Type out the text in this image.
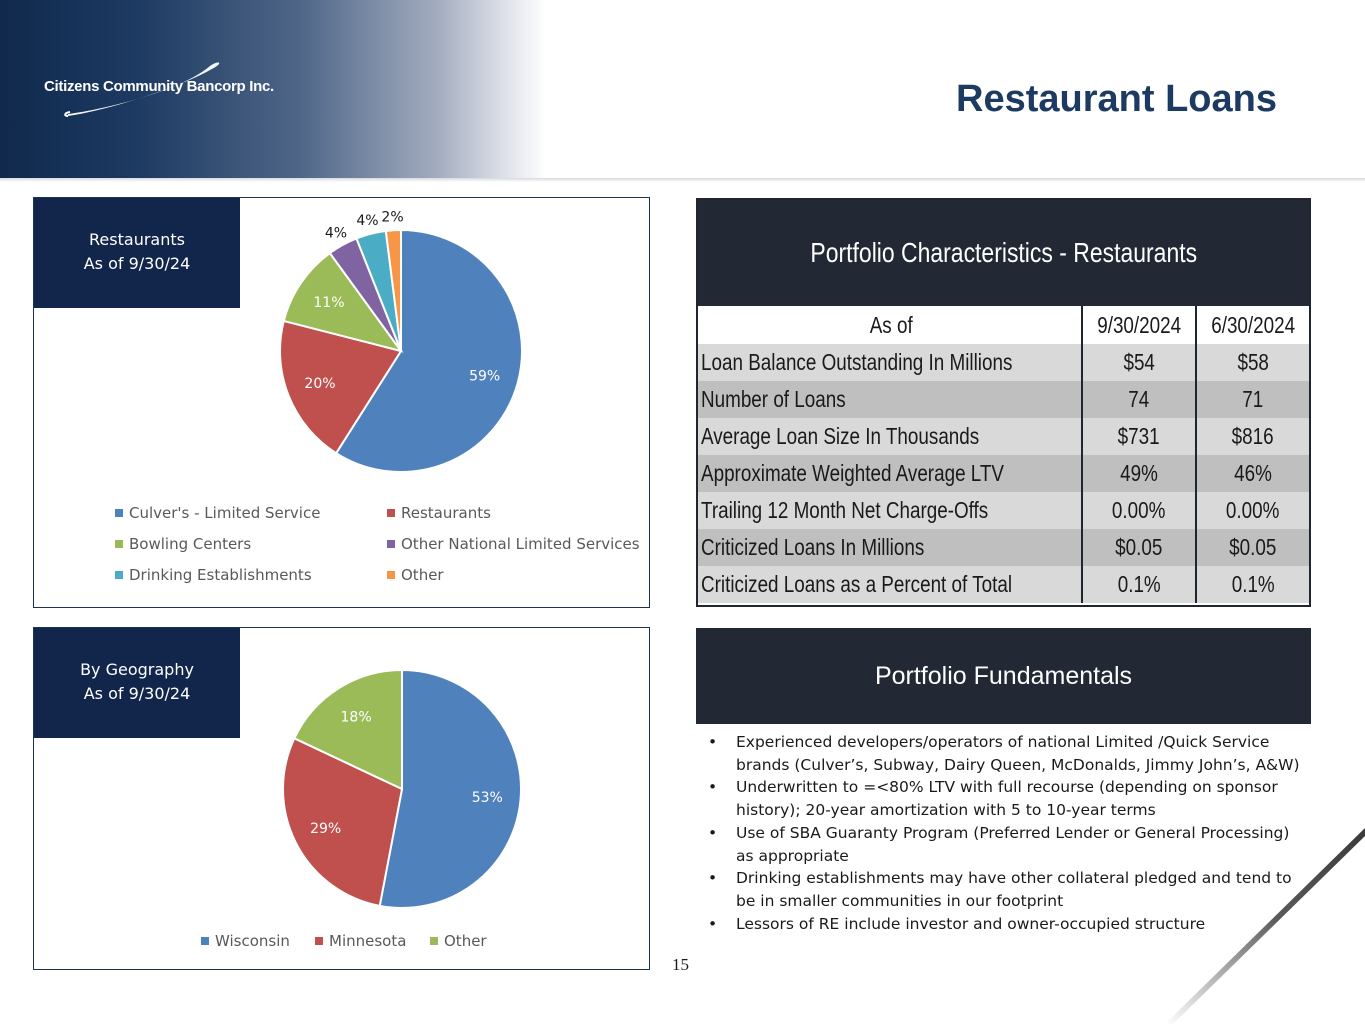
Citizens Community Bancorp Inc.	Restaurant Loans
Restaurants
As of 9/30/24
59%
20%
11%
4%
4% 2%
Culver's - Limited Service	Restaurants
Bowling Centers	Other National Limited Services
Drinking Establishments	Other
By Geography
As of 9/30/24
53%
29%
18%
Wisconsin	Minnesota	Other
Portfolio Characteristics - Restaurants
As of	9/30/2024	6/30/2024
Loan Balance Outstanding In Millions	$54	$58
Number of Loans	74	71
Average Loan Size In Thousands	$731	$816
Approximate Weighted Average LTV	49%	46%
Trailing 12 Month Net Charge-Offs	0.00%	0.00%
Criticized Loans In Millions	$0.05	$0.05
Criticized Loans as a Percent of Total	0.1%	0.1%
Portfolio Fundamentals
• Experienced developers/operators of national Limited /Quick Service
brands (Culver’s, Subway, Dairy Queen, McDonalds, Jimmy John’s, A&W)
• Underwritten to =<80% LTV with full recourse (depending on sponsor
history); 20-year amortization with 5 to 10-year terms
• Use of SBA Guaranty Program (Preferred Lender or General Processing)
as appropriate
• Drinking establishments may have other collateral pledged and tend to
be in smaller communities in our footprint
• Lessors of RE include investor and owner-occupied structure
15
